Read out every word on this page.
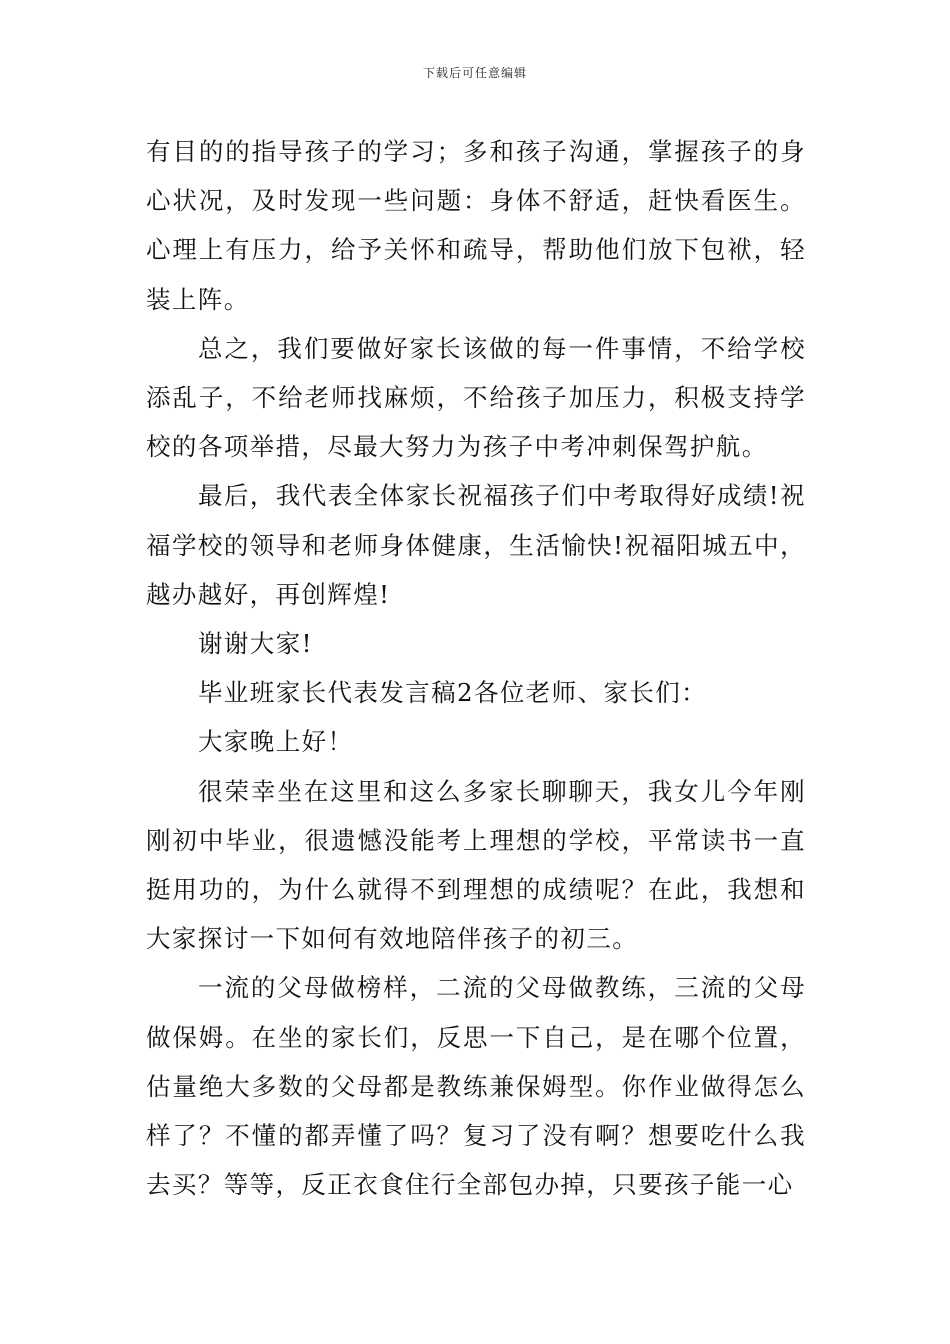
下载后可任意编辑

有目的的指导孩子的学习；多和孩子沟通，掌握孩子的身心状况，及时发现一些问题：身体不舒适，赶快看医生。心理上有压力，给予关怀和疏导，帮助他们放下包袱，轻装上阵。

总之，我们要做好家长该做的每一件事情，不给学校添乱子，不给老师找麻烦，不给孩子加压力，积极支持学校的各项举措，尽最大努力为孩子中考冲刺保驾护航。

最后，我代表全体家长祝福孩子们中考取得好成绩!祝福学校的领导和老师身体健康，生活愉快!祝福阳城五中，越办越好，再创辉煌!

谢谢大家!

毕业班家长代表发言稿2各位老师、家长们：

大家晚上好！

很荣幸坐在这里和这么多家长聊聊天，我女儿今年刚刚初中毕业，很遗憾没能考上理想的学校，平常读书一直挺用功的，为什么就得不到理想的成绩呢？在此，我想和大家探讨一下如何有效地陪伴孩子的初三。

一流的父母做榜样，二流的父母做教练，三流的父母做保姆。在坐的家长们，反思一下自己，是在哪个位置，估量绝大多数的父母都是教练兼保姆型。你作业做得怎么样了？不懂的都弄懂了吗？复习了没有啊？想要吃什么我去买？等等，反正衣食住行全部包办掉，只要孩子能一心
